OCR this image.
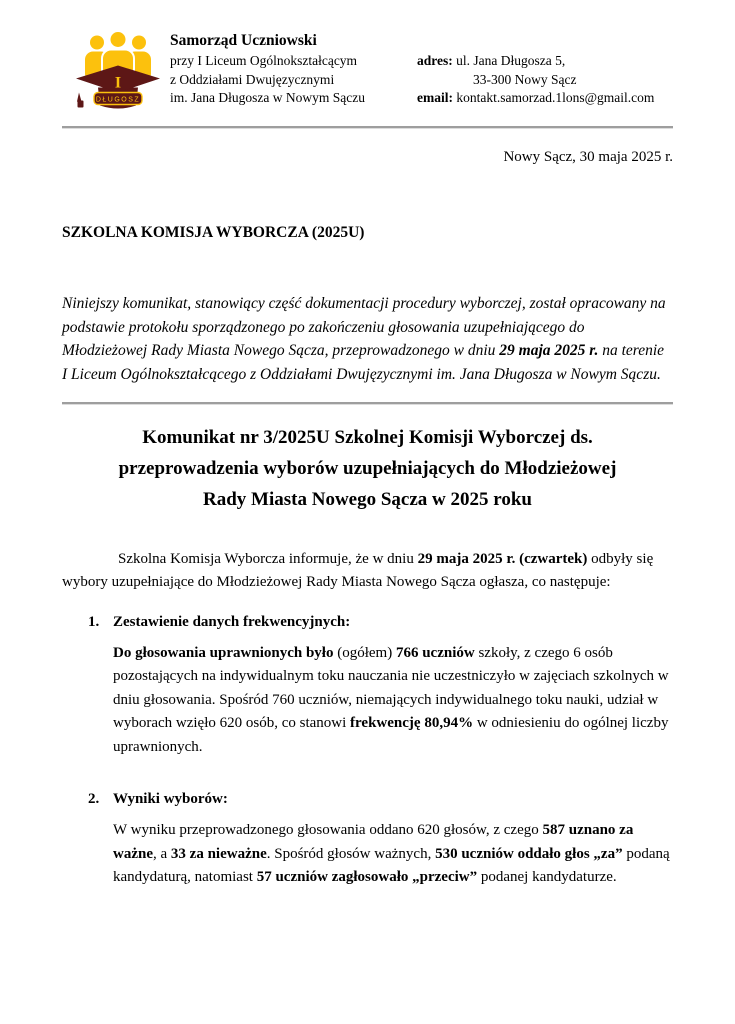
I
DŁUGOSZ
Samorząd Uczniowski
przy I Liceum Ogólnokształcącym
z Oddziałami Dwujęzycznymi
im. Jana Długosza w Nowym Sączu
adres: ul. Jana Długosza 5,
33-300 Nowy Sącz
email: kontakt.samorzad.1lons@gmail.com
Nowy Sącz, 30 maja 2025 r.
SZKOLNA KOMISJA WYBORCZA (2025U)

Niniejszy komunikat, stanowiący część dokumentacji procedury wyborczej, został opracowany na podstawie protokołu sporządzonego po zakończeniu głosowania uzupełniającego do Młodzieżowej Rady Miasta Nowego Sącza, przeprowadzonego w dniu 29 maja 2025 r. na terenie I Liceum Ogólnokształcącego z Oddziałami Dwujęzycznymi im. Jana Długosza w Nowym Sączu.

Komunikat nr 3/2025U Szkolnej Komisji Wyborczej ds.
przeprowadzenia wyborów uzupełniających do Młodzieżowej
Rady Miasta Nowego Sącza w 2025 roku

Szkolna Komisja Wyborcza informuje, że w dniu 29 maja 2025 r. (czwartek) odbyły się wybory uzupełniające do Młodzieżowej Rady Miasta Nowego Sącza ogłasza, co następuje:

1. Zestawienie danych frekwencyjnych:

Do głosowania uprawnionych było (ogółem) 766 uczniów szkoły, z czego 6 osób pozostających na indywidualnym toku nauczania nie uczestniczyło w zajęciach szkolnych w dniu głosowania. Spośród 760 uczniów, niemających indywidualnego toku nauki, udział w wyborach wzięło 620 osób, co stanowi frekwencję 80,94% w odniesieniu do ogólnej liczby uprawnionych.

2. Wyniki wyborów:

W wyniku przeprowadzonego głosowania oddano 620 głosów, z czego 587 uznano za ważne, a 33 za nieważne. Spośród głosów ważnych, 530 uczniów oddało głos „za” podaną kandydaturą, natomiast 57 uczniów zagłosowało „przeciw” podanej kandydaturze.
